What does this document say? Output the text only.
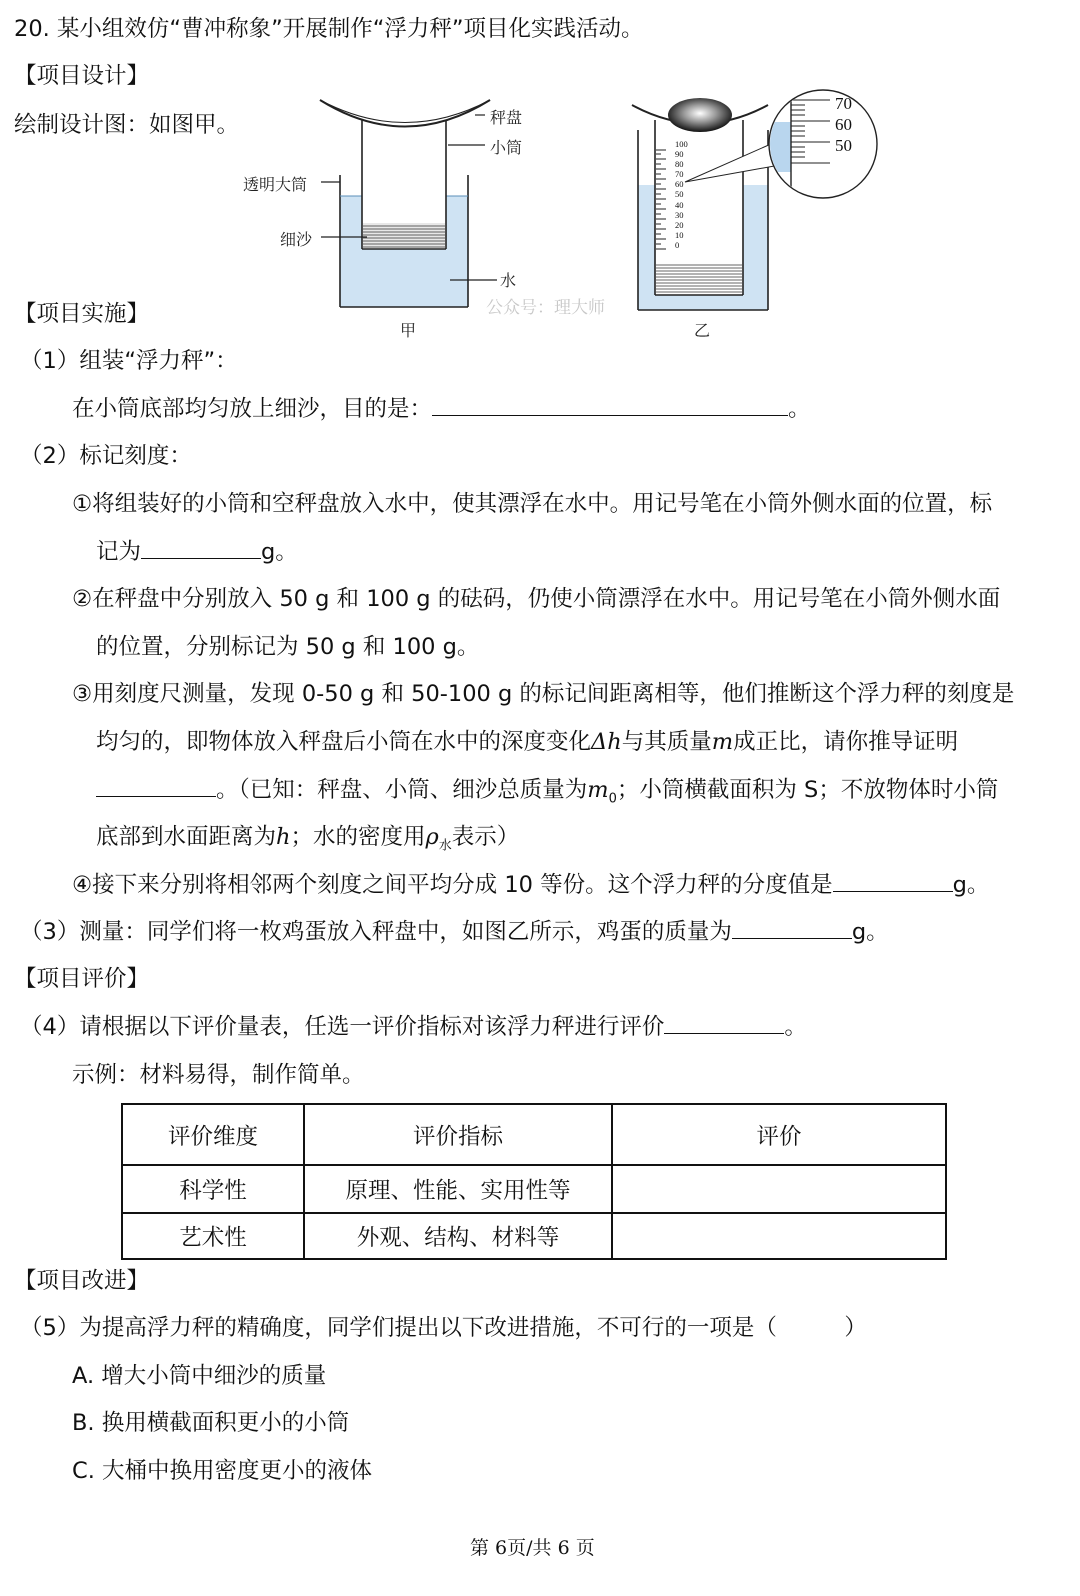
20. 某小组效仿“曹冲称象”开展制作“浮力秤”项目化实践活动。
【项目设计】
绘制设计图：如图甲。	秤盘
小筒
透明大筒
细沙
水
甲
100
90
80
70
60
50
40
30
20
10
0
70
60
50
乙
公众号：理大师
【项目实施】
（1）组装“浮力秤”：
在小筒底部均匀放上细沙，目的是：	。
（2）标记刻度：
①将组装好的小筒和空秤盘放入水中，使其漂浮在水中。用记号笔在小筒外侧水面的位置，标
记为	g。
②在秤盘中分别放入 50 g 和 100 g 的砝码，仍使小筒漂浮在水中。用记号笔在小筒外侧水面
的位置，分别标记为 50 g 和 100 g。
③用刻度尺测量，发现 0-50 g 和 50-100 g 的标记间距离相等，他们推断这个浮力秤的刻度是
均匀的，即物体放入秤盘后小筒在水中的深度变化Δh与其质量m成正比，请你推导证明
。（已知：秤盘、小筒、细沙总质量为$m_0$；小筒横截面积为 S；不放物体时小筒
底部到水面距离为h；水的密度用$\rho_水$表示）
④接下来分别将相邻两个刻度之间平均分成 10 等份。这个浮力秤的分度值是	g。
（3）测量：同学们将一枚鸡蛋放入秤盘中，如图乙所示，鸡蛋的质量为	g。
【项目评价】
（4）请根据以下评价量表，任选一评价指标对该浮力秤进行评价	。
示例：材料易得，制作简单。
评价维度	评价指标	评价
科学性	原理、性能、实用性等	
艺术性	外观、结构、材料等	
【项目改进】
（5）为提高浮力秤的精确度，同学们提出以下改进措施，不可行的一项是（　　　）
A. 增大小筒中细沙的质量
B. 换用横截面积更小的小筒
C. 大桶中换用密度更小的液体
第 6页/共 6 页
